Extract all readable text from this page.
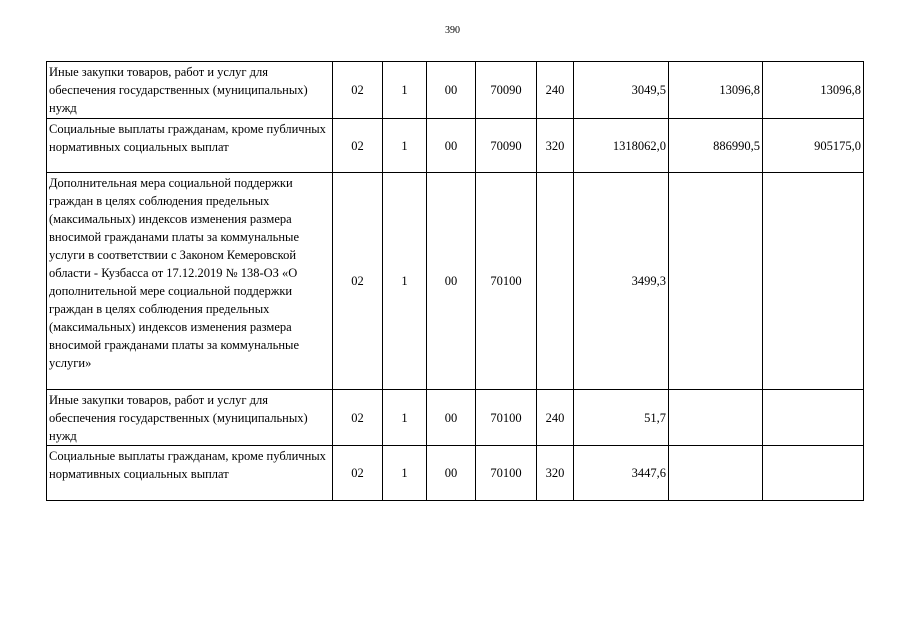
390
Иные закупки товаров, работ и услуг для обеспечения государственных (муниципальных) нужд	02	1	00	70090	240	3049,5	13096,8	13096,8
Социальные выплаты гражданам, кроме публичных нормативных социальных выплат	02	1	00	70090	320	1318062,0	886990,5	905175,0
Дополнительная мера социальной поддержки граждан в целях соблюдения предельных (максимальных) индексов изменения размера вносимой гражданами платы за коммунальные услуги в соответствии с Законом Кемеровской области - Кузбасса от 17.12.2019 № 138-ОЗ «О дополнительной мере социальной поддержки граждан в целях соблюдения предельных (максимальных) индексов изменения размера вносимой гражданами платы за коммунальные услуги»	02	1	00	70100		3499,3		
Иные закупки товаров, работ и услуг для обеспечения государственных (муниципальных) нужд	02	1	00	70100	240	51,7		
Социальные выплаты гражданам, кроме публичных нормативных социальных выплат	02	1	00	70100	320	3447,6		
